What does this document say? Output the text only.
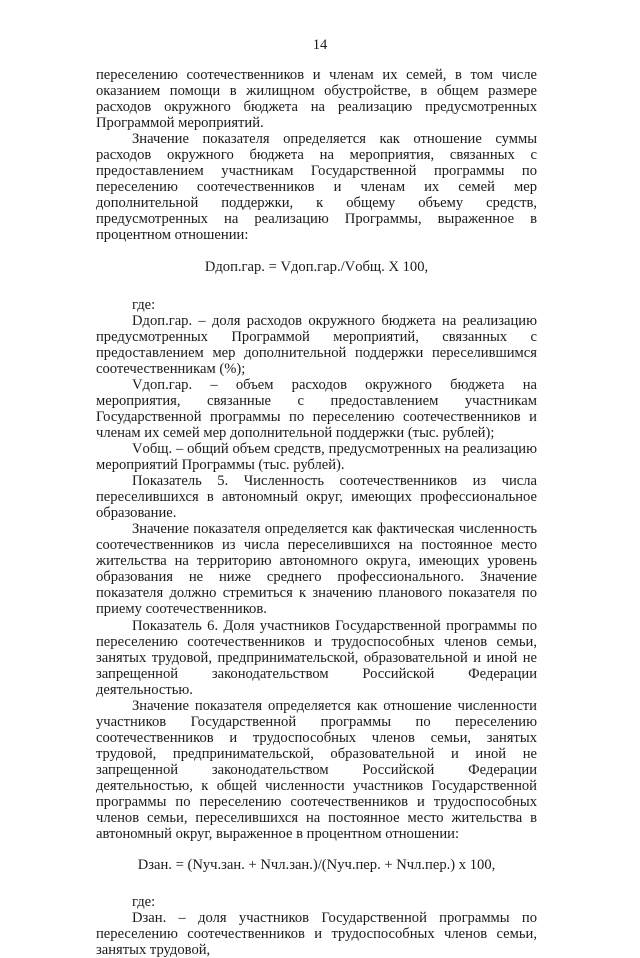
14

переселению соотечественников и членам их семей, в том числе оказанием помощи в жилищном обустройстве, в общем размере расходов окружного бюджета на реализацию предусмотренных Программой мероприятий.

Значение показателя определяется как отношение суммы расходов окружного бюджета на мероприятия, связанных с предоставлением участникам Государственной программы по переселению соотечественников и членам их семей мер дополнительной поддержки, к общему объему средств, предусмотренных на реализацию Программы, выраженное в процентном отношении:

Dдоп.гар. = Vдоп.гар./Vобщ. Х 100,

где:

Dдоп.гар. – доля расходов окружного бюджета на реализацию предусмотренных Программой мероприятий, связанных с предоставлением мер дополнительной поддержки переселившимся соотечественникам (%);

Vдоп.гар. – объем расходов окружного бюджета на мероприятия, связанные с предоставлением участникам Государственной программы по переселению соотечественников и членам их семей мер дополнительной поддержки (тыс. рублей);

Vобщ. – общий объем средств, предусмотренных на реализацию мероприятий Программы (тыс. рублей).

Показатель 5. Численность соотечественников из числа переселившихся в автономный округ, имеющих профессиональное образование.

Значение показателя определяется как фактическая численность соотечественников из числа переселившихся на постоянное место жительства на территорию автономного округа, имеющих уровень образования не ниже среднего профессионального. Значение показателя должно стремиться к значению планового показателя по приему соотечественников.

Показатель 6. Доля участников Государственной программы по переселению соотечественников и трудоспособных членов семьи, занятых трудовой, предпринимательской, образовательной и иной не запрещенной законодательством Российской Федерации деятельностью.

Значение показателя определяется как отношение численности участников Государственной программы по переселению соотечественников и трудоспособных членов семьи, занятых трудовой, предпринимательской, образовательной и иной не запрещенной законодательством Российской Федерации деятельностью, к общей численности участников Государственной программы по переселению соотечественников и трудоспособных членов семьи, переселившихся на постоянное место жительства в автономный округ, выраженное в процентном отношении:

Dзан. = (Nуч.зан. + Nчл.зан.)/(Nуч.пер. + Nчл.пер.) х 100,

где:

Dзан. – доля участников Государственной программы по переселению соотечественников и трудоспособных членов семьи, занятых трудовой,
